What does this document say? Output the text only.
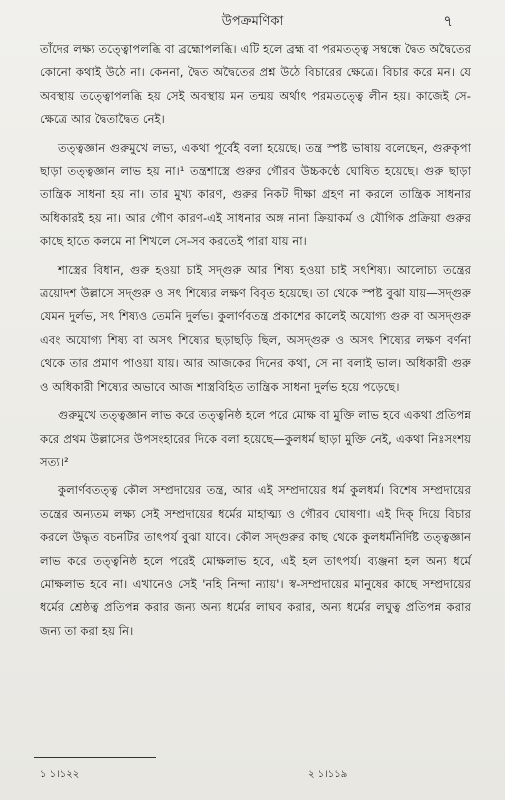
উপক্রমণিকা	৭

তাঁদের লক্ষ্য তত্ত্বোপলব্ধি বা ব্রহ্মোপলব্ধি। এটি হলে ব্রহ্ম বা পরমতত্ত্ব সম্বন্ধে দ্বৈত অদ্বৈতের কোনো কথাই উঠে না। কেননা, দ্বৈত অদ্বৈতের প্রশ্ন উঠে বিচারের ক্ষেত্রে। বিচার করে মন। যে অবস্থায় তত্ত্বোপলব্ধি হয় সেই অবস্থায় মন তন্ময় অর্থাৎ পরমতত্ত্বে লীন হয়। কাজেই সে-ক্ষেত্রে আর দ্বৈতাদ্বৈত নেই।

তত্ত্বজ্ঞান গুরুমুখে লভ্য, একথা পূর্বেই বলা হয়েছে। তন্ত্র স্পষ্ট ভাষায় বলেছেন, গুরুকৃপা ছাড়া তত্ত্বজ্ঞান লাভ হয় না।¹ তন্ত্রশাস্ত্রে গুরুর গৌরব উচ্চকণ্ঠে ঘোষিত হয়েছে। গুরু ছাড়া তান্ত্রিক সাধনা হয় না। তার মুখ্য কারণ, গুরুর নিকট দীক্ষা গ্রহণ না করলে তান্ত্রিক সাধনার অধিকারই হয় না। আর গৌণ কারণ-এই সাধনার অঙ্গ নানা ক্রিয়াকর্ম ও যৌগিক প্রক্রিয়া গুরুর কাছে হাতে কলমে না শিখলে সে-সব করতেই পারা যায় না।

শাস্ত্রের বিধান, গুরু হওয়া চাই সদ্গুরু আর শিষ্য হওয়া চাই সৎশিষ্য। আলোচ্য তন্ত্রের ত্রয়োদশ উল্লাসে সদ্গুরু ও সৎ শিষ্যের লক্ষণ বিবৃত হয়েছে। তা থেকে স্পষ্ট বুঝা যায়—সদ্গুরু যেমন দুর্লভ, সৎ শিষ্যও তেমনি দুর্লভ। কুলার্ণবতন্ত্র প্রকাশের কালেই অযোগ্য গুরু বা অসদ্গুরু এবং অযোগ্য শিষ্য বা অসৎ শিষ্যের ছড়াছড়ি ছিল, অসদ্গুরু ও অসৎ শিষ্যের লক্ষণ বর্ণনা থেকে তার প্রমাণ পাওয়া যায়। আর আজকের দিনের কথা, সে না বলাই ভাল। অধিকারী গুরু ও অধিকারী শিষ্যের অভাবে আজ শাস্ত্রবিহিত তান্ত্রিক সাধনা দুর্লভ হয়ে পড়েছে।

গুরুমুখে তত্ত্বজ্ঞান লাভ করে তত্ত্বনিষ্ঠ হলে পরে মোক্ষ বা মুক্তি লাভ হবে একথা প্রতিপন্ন করে প্রথম উল্লাসের উপসংহারের দিকে বলা হয়েছে—কুলধর্ম ছাড়া মুক্তি নেই, একথা নিঃসংশয় সত্য।²

কুলার্ণবতত্ত্ব কৌল সম্প্রদায়ের তন্ত্র, আর এই সম্প্রদায়ের ধর্ম কুলধর্ম। বিশেষ সম্প্রদায়ের তন্ত্রের অন্যতম লক্ষ্য সেই সম্প্রদায়ের ধর্মের মাহাত্ম্য ও গৌরব ঘোষণা। এই দিক্ দিয়ে বিচার করলে উদ্ধৃত বচনটির তাৎপর্য বুঝা যাবে। কৌল সদ্গুরুর কাছ থেকে কুলধর্মনির্দিষ্ট তত্ত্বজ্ঞান লাভ করে তত্ত্বনিষ্ঠ হলে পরেই মোক্ষলাভ হবে, এই হল তাৎপর্য। ব্যঞ্জনা হল অন্য ধর্মে মোক্ষলাভ হবে না। এখানেও সেই 'নহি নিন্দা ন্যায়'। স্ব-সম্প্রদায়ের মানুষের কাছে সম্প্রদায়ের ধর্মের শ্রেষ্ঠত্ব প্রতিপন্ন করার জন্য অন্য ধর্মের লাঘব করার, অন্য ধর্মের লঘুত্ব প্রতিপন্ন করার জন্য তা করা হয় নি।

১ ১।১২২	২ ১।১১৯
